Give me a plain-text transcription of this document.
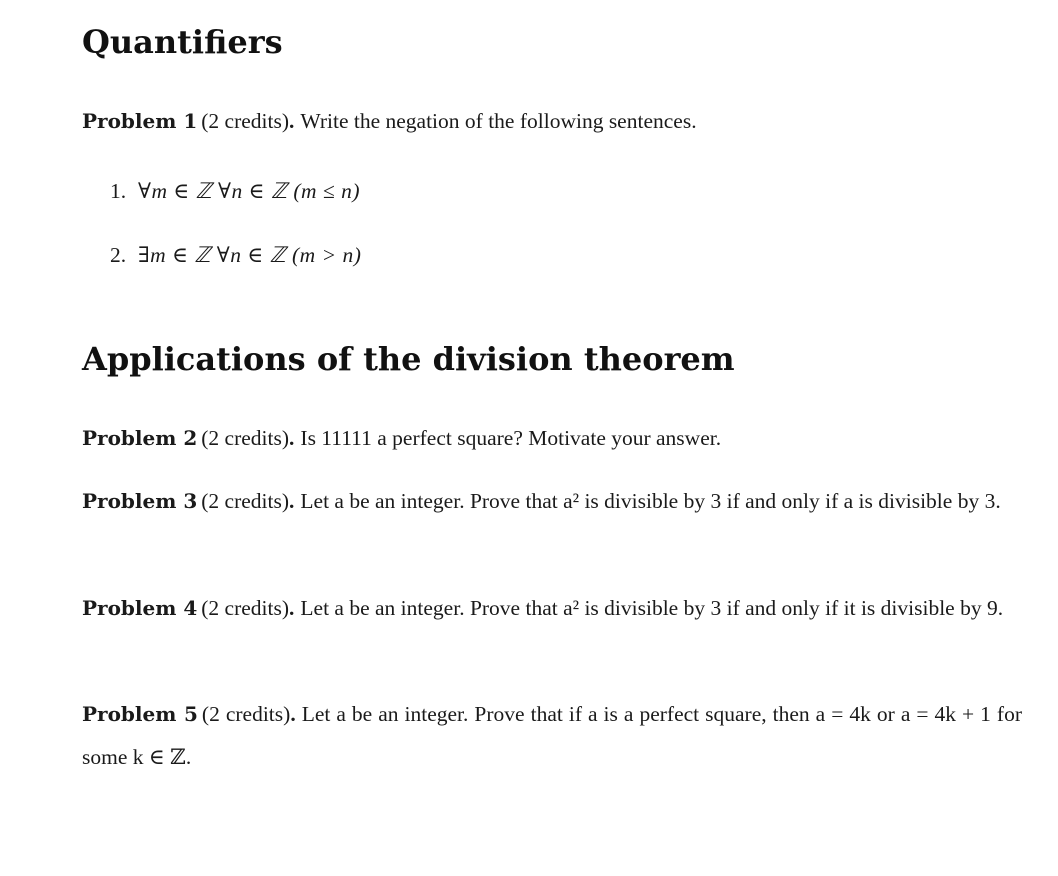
Quantifiers
Problem 1 (2 credits). Write the negation of the following sentences.
1. ∀m ∈ ℤ ∀n ∈ ℤ (m ≤ n)
2. ∃m ∈ ℤ ∀n ∈ ℤ (m > n)
Applications of the division theorem
Problem 2 (2 credits). Is 11111 a perfect square? Motivate your answer.
Problem 3 (2 credits). Let a be an integer. Prove that a² is divisible by 3 if and only if a is divisible by 3.
Problem 4 (2 credits). Let a be an integer. Prove that a² is divisible by 3 if and only if it is divisible by 9.
Problem 5 (2 credits). Let a be an integer. Prove that if a is a perfect square, then a = 4k or a = 4k + 1 for some k ∈ ℤ.
